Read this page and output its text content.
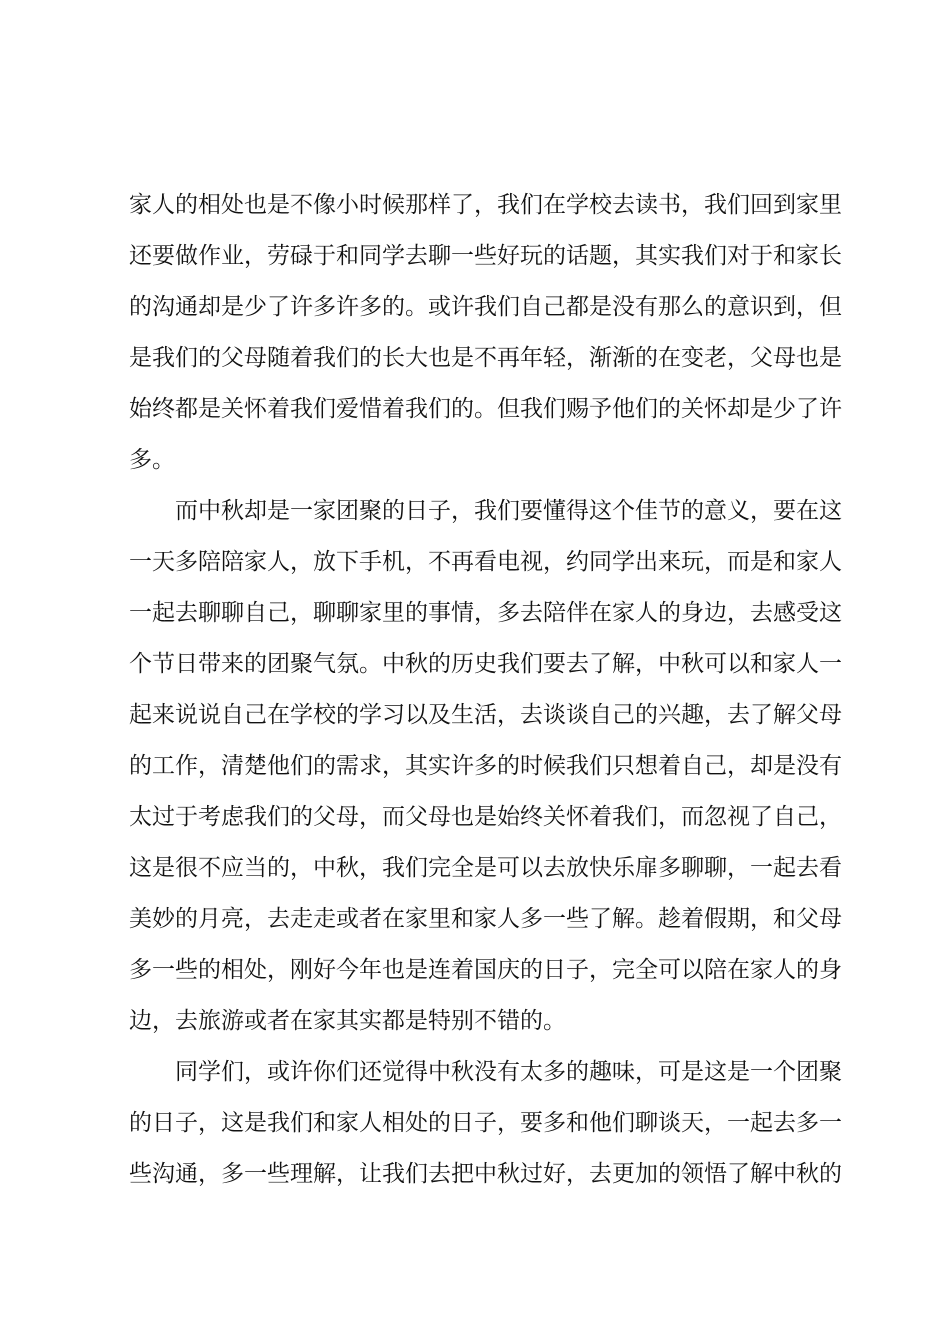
家人的相处也是不像小时候那样了，我们在学校去读书，我们回到家里
还要做作业，劳碌于和同学去聊一些好玩的话题，其实我们对于和家长
的沟通却是少了许多许多的。或许我们自己都是没有那么的意识到，但
是我们的父母随着我们的长大也是不再年轻，渐渐的在变老，父母也是
始终都是关怀着我们爱惜着我们的。但我们赐予他们的关怀却是少了许
多。
而中秋却是一家团聚的日子，我们要懂得这个佳节的意义，要在这
一天多陪陪家人，放下手机，不再看电视，约同学出来玩，而是和家人
一起去聊聊自己，聊聊家里的事情，多去陪伴在家人的身边，去感受这
个节日带来的团聚气氛。中秋的历史我们要去了解，中秋可以和家人一
起来说说自己在学校的学习以及生活，去谈谈自己的兴趣，去了解父母
的工作，清楚他们的需求，其实许多的时候我们只想着自己，却是没有
太过于考虑我们的父母，而父母也是始终关怀着我们，而忽视了自己，
这是很不应当的，中秋，我们完全是可以去放快乐扉多聊聊，一起去看
美妙的月亮，去走走或者在家里和家人多一些了解。趁着假期，和父母
多一些的相处，刚好今年也是连着国庆的日子，完全可以陪在家人的身
边，去旅游或者在家其实都是特别不错的。
同学们，或许你们还觉得中秋没有太多的趣味，可是这是一个团聚
的日子，这是我们和家人相处的日子，要多和他们聊谈天，一起去多一
些沟通，多一些理解，让我们去把中秋过好，去更加的领悟了解中秋的
